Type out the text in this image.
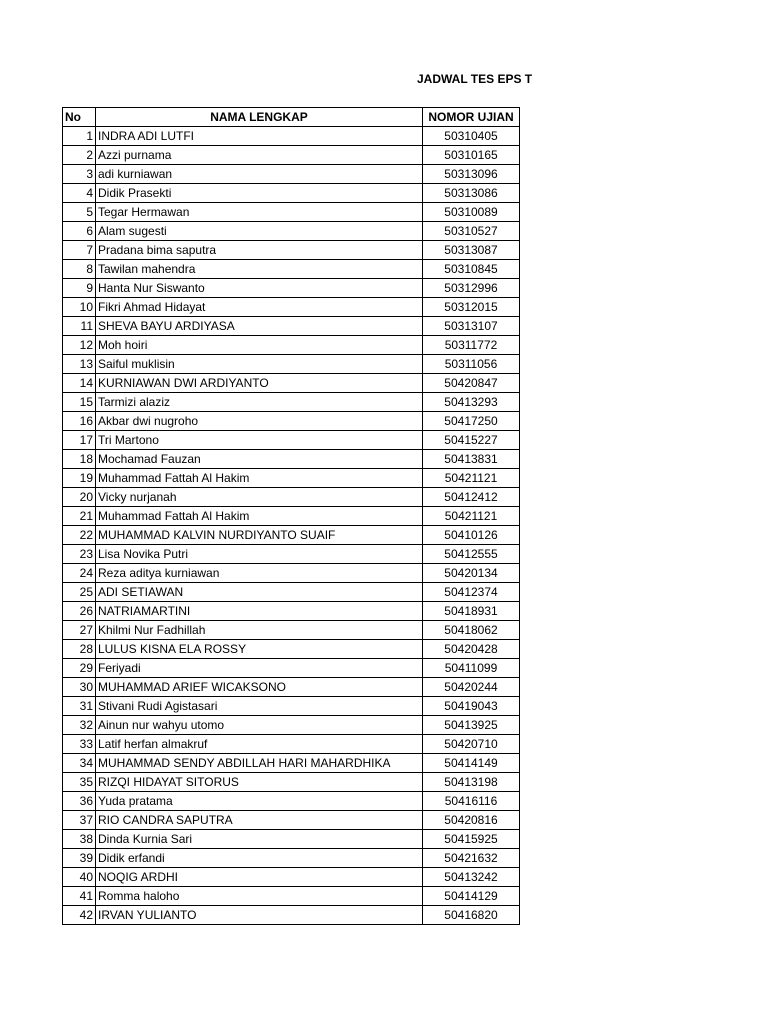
JADWAL TES EPS T
No	NAMA LENGKAP	NOMOR UJIAN
1	INDRA ADI LUTFI	50310405
2	Azzi purnama	50310165
3	adi kurniawan	50313096
4	Didik Prasekti	50313086
5	Tegar Hermawan	50310089
6	Alam sugesti	50310527
7	Pradana bima saputra	50313087
8	Tawilan mahendra	50310845
9	Hanta Nur Siswanto	50312996
10	Fikri Ahmad Hidayat	50312015
11	SHEVA BAYU ARDIYASA	50313107
12	Moh hoiri	50311772
13	Saiful muklisin	50311056
14	KURNIAWAN DWI ARDIYANTO	50420847
15	Tarmizi alaziz	50413293
16	Akbar dwi nugroho	50417250
17	Tri Martono	50415227
18	Mochamad Fauzan	50413831
19	Muhammad Fattah Al Hakim	50421121
20	Vicky nurjanah	50412412
21	Muhammad Fattah Al Hakim	50421121
22	MUHAMMAD KALVIN NURDIYANTO SUAIF	50410126
23	Lisa Novika Putri	50412555
24	Reza aditya kurniawan	50420134
25	ADI SETIAWAN	50412374
26	NATRIAMARTINI	50418931
27	Khilmi Nur Fadhillah	50418062
28	LULUS KISNA ELA ROSSY	50420428
29	Feriyadi	50411099
30	MUHAMMAD ARIEF WICAKSONO	50420244
31	Stivani Rudi Agistasari	50419043
32	Ainun nur wahyu utomo	50413925
33	Latif herfan almakruf	50420710
34	MUHAMMAD SENDY ABDILLAH HARI MAHARDHIKA	50414149
35	RIZQI HIDAYAT SITORUS	50413198
36	Yuda pratama	50416116
37	RIO CANDRA SAPUTRA	50420816
38	Dinda Kurnia Sari	50415925
39	Didik erfandi	50421632
40	NOQIG ARDHI	50413242
41	Romma haloho	50414129
42	IRVAN YULIANTO	50416820
